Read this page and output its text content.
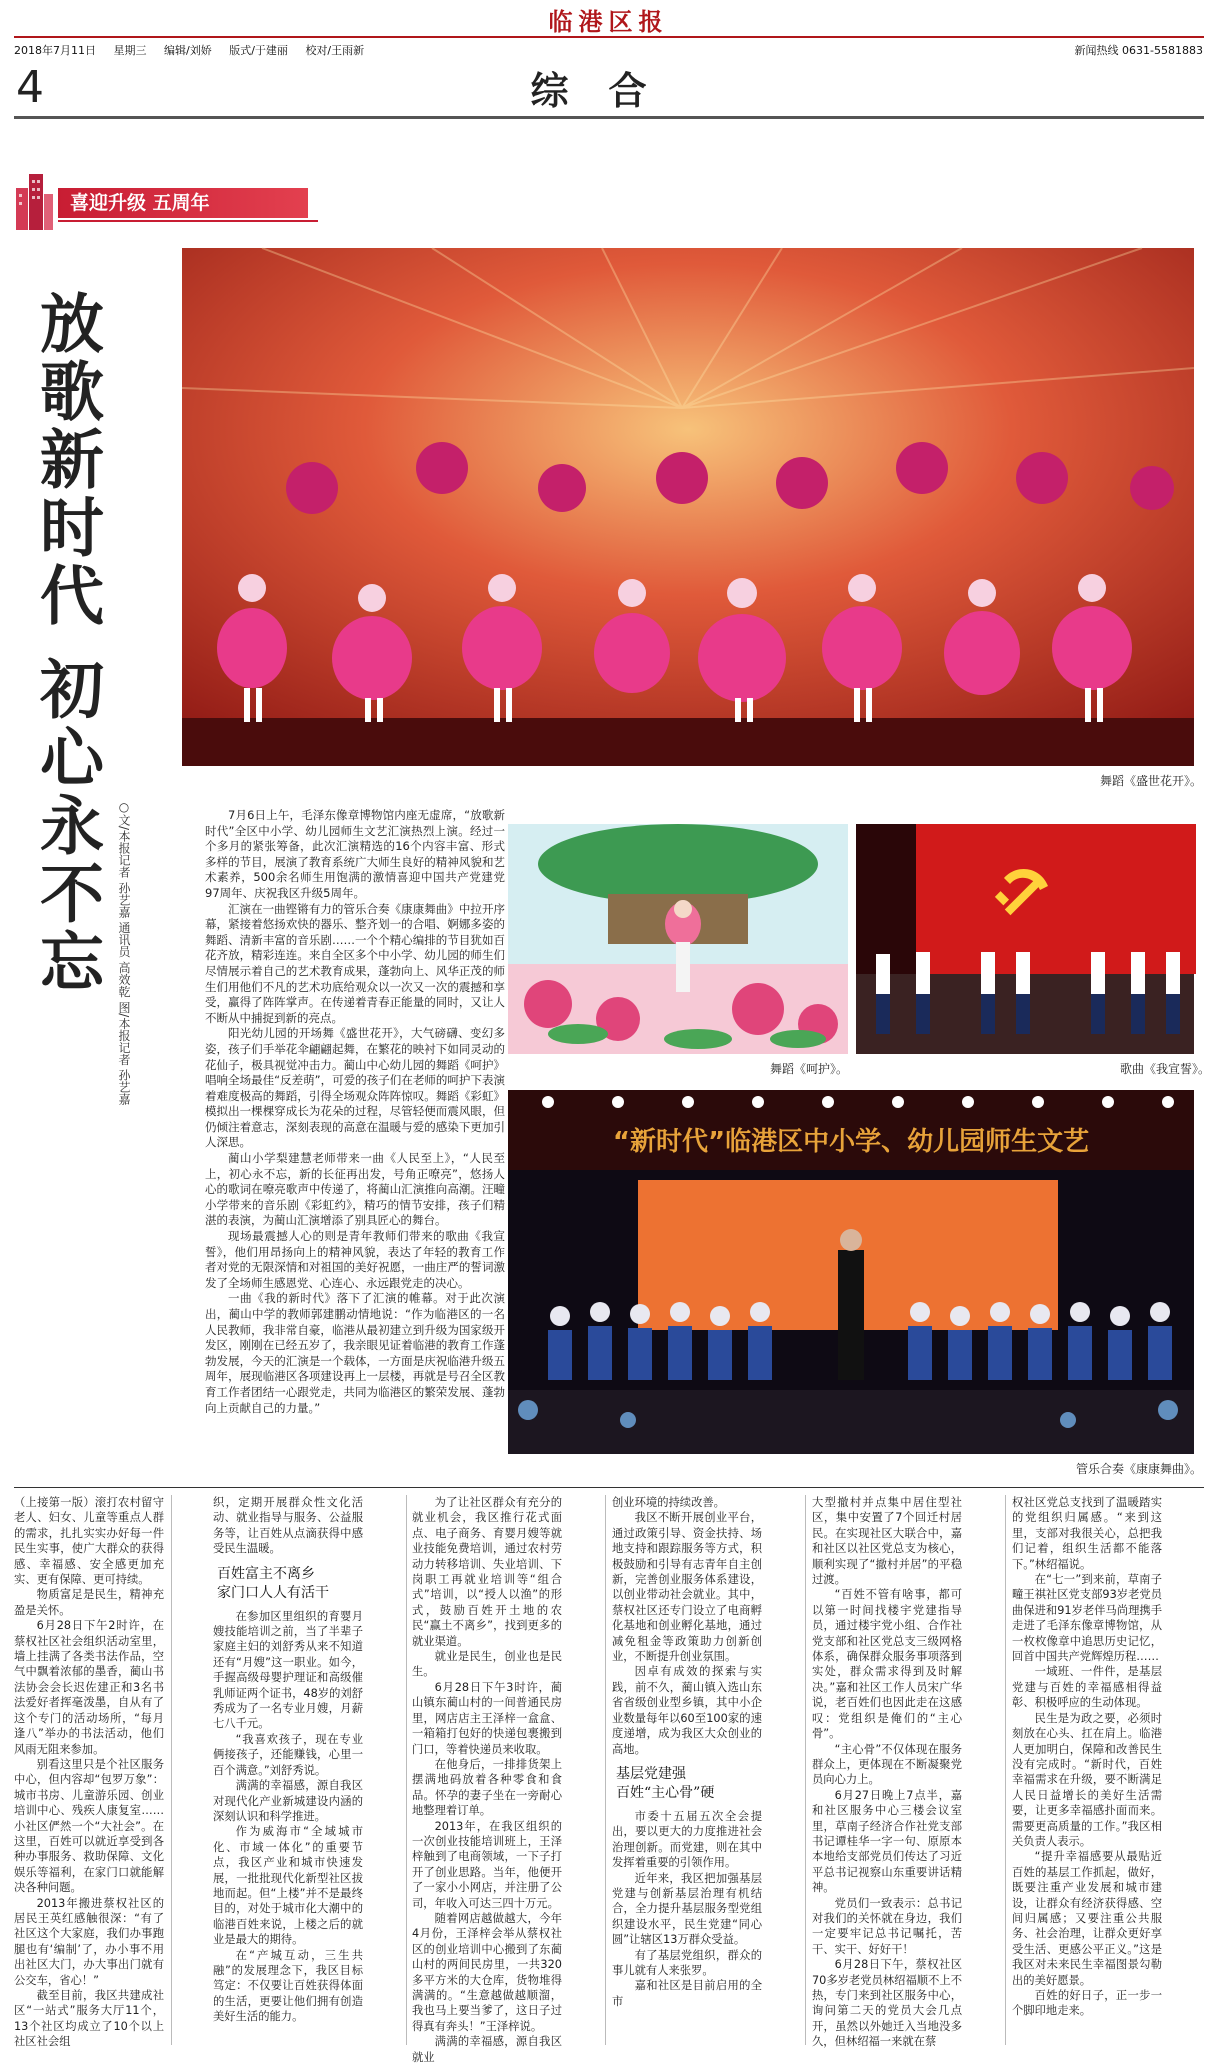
临港区报
2018年7月11日 星期三 编辑/刘娇 版式/于建丽 校对/王雨新	新闻热线 0631-5581883
4	综合
喜迎升级 五周年
放歌新时代 初心永不忘 ○文/本报记者 孙艺嘉 通讯员 高效乾 图/本报记者 孙艺嘉
舞蹈《盛世花开》。
舞蹈《呵护》。	歌曲《我宣誓》。
“新时代”临港区中小学、幼儿园师生文艺
管乐合奏《康康舞曲》。

7月6日上午，毛泽东像章博物馆内座无虚席，“放歌新时代”全区中小学、幼儿园师生文艺汇演热烈上演。经过一个多月的紧张筹备，此次汇演精选的16个内容丰富、形式多样的节目，展演了教育系统广大师生良好的精神风貌和艺术素养，500余名师生用饱满的激情喜迎中国共产党建党97周年、庆祝我区升级5周年。

汇演在一曲铿锵有力的管乐合奏《康康舞曲》中拉开序幕，紧接着悠扬欢快的器乐、整齐划一的合唱、婀娜多姿的舞蹈、清新丰富的音乐剧……一个个精心编排的节目犹如百花齐放，精彩连连。来自全区多个中小学、幼儿园的师生们尽情展示着自己的艺术教育成果，蓬勃向上、风华正茂的师生们用他们不凡的艺术功底给观众以一次又一次的震撼和享受，赢得了阵阵掌声。在传递着青春正能量的同时，又让人不断从中捕捉到新的亮点。

阳光幼儿园的开场舞《盛世花开》，大气磅礴、变幻多姿，孩子们手举花伞翩翩起舞，在繁花的映衬下如同灵动的花仙子，极具视觉冲击力。蔺山中心幼儿园的舞蹈《呵护》唱响全场最佳“反差萌”，可爱的孩子们在老师的呵护下表演着难度极高的舞蹈，引得全场观众阵阵惊叹。舞蹈《彩虹》模拟出一棵棵穿成长为花朵的过程，尽管轻便而震风眼，但仍倾注着意志，深刻表现的高意在温暖与爱的感染下更加引人深思。

蔺山小学梨建慧老师带来一曲《人民至上》，“人民至上，初心永不忘，新的长征再出发，号角正嘹亮”，悠扬人心的歌词在嘹亮歌声中传递了，将蔺山汇演推向高潮。汪疃小学带来的音乐剧《彩虹约》，精巧的情节安排，孩子们精湛的表演，为蔺山汇演增添了别具匠心的舞台。

现场最震撼人心的则是青年教师们带来的歌曲《我宣誓》，他们用昂扬向上的精神风貌，表达了年轻的教育工作者对党的无限深情和对祖国的美好祝愿，一曲庄严的誓词激发了全场师生感恩党、心连心、永远跟党走的决心。

一曲《我的新时代》落下了汇演的帷幕。对于此次演出，蔺山中学的教师郭建鹏动情地说：“作为临港区的一名人民教师，我非常自豪，临港从最初建立到升级为国家级开发区，刚刚在已经五岁了，我亲眼见证着临港的教育工作蓬勃发展，今天的汇演是一个载体，一方面是庆祝临港升级五周年，展现临港区各项建设再上一层楼，再就是号召全区教育工作者团结一心跟党走，共同为临港区的繁荣发展、蓬勃向上贡献自己的力量。”

（上接第一版）滚打农村留守老人、妇女、儿童等重点人群的需求，扎扎实实办好每一件民生实事，使广大群众的获得感、幸福感、安全感更加充实、更有保障、更可持续。

物质富足是民生，精神充盈是关怀。

6月28日下午2时许，在蔡权社区社会组织活动室里，墙上挂满了各类书法作品，空气中飘着浓郁的墨香，蔺山书法协会会长迟佐建正和3名书法爱好者挥毫泼墨，自从有了这个专门的活动场所，“每月逢八”举办的书法活动，他们风雨无阻来参加。

别看这里只是个社区服务中心，但内容却“包罗万象”：城市书房、儿童游乐园、创业培训中心、残疾人康复室……小社区俨然一个“大社会”。在这里，百姓可以就近享受到各种办事服务、救助保障、文化娱乐等福利，在家门口就能解决各种问题。

2013年搬进蔡权社区的居民王英红感触很深：“有了社区这个大家庭，我们办事跑腿也有‘编制’了，办小事不用出社区大门，办大事出门就有公交车，省心！”

截至目前，我区共建成社区“一站式”服务大厅11个，13个社区均成立了10个以上社区社会组

织，定期开展群众性文化活动、就业指导与服务、公益服务等，让百姓从点滴获得中感受民生温暖。

百姓富主不离乡
家门口人人有活干

在参加区里组织的育婴月嫂技能培训之前，当了半辈子家庭主妇的刘舒秀从来不知道还有“月嫂”这一职业。如今，手握高级母婴护理证和高级催乳师证两个证书，48岁的刘舒秀成为了一名专业月嫂，月薪七八千元。

“我喜欢孩子，现在专业俩接孩子，还能赚钱，心里一百个满意。”刘舒秀说。

满满的幸福感，源自我区对现代化产业新城建设内涵的深刻认识和科学推进。

作为威海市“全域城市化、市域一体化”的重要节点，我区产业和城市快速发展，一批批现代化新型社区拔地而起。但“上楼”并不是最终目的，对处于城市化大潮中的临港百姓来说，上楼之后的就业是最大的期待。

在“产城互动，三生共融”的发展理念下，我区目标笃定：不仅要让百姓获得体面的生活，更要让他们拥有创造美好生活的能力。

为了让社区群众有充分的就业机会，我区推行花式面点、电子商务、育婴月嫂等就业技能免费培训，通过农村劳动力转移培训、失业培训、下岗职工再就业培训等“组合式”培训，以“授人以渔”的形式，鼓励百姓开土地的农民“赢土不离乡”，找到更多的就业渠道。

就业是民生，创业也是民生。

6月28日下午3时许，蔺山镇东蔺山村的一间普通民房里，网店店主王泽梓一盒盒、一箱箱打包好的快递包裹搬到门口，等着快递员来收取。

在他身后，一排排货架上摆满地码放着各种零食和食品。怀孕的妻子坐在一旁耐心地整理着订单。

2013年，在我区组织的一次创业技能培训班上，王泽梓触到了电商领域，一下子打开了创业思路。当年，他便开了一家小小网店，并注册了公司，年收入可达三四十万元。

随着网店越做越大，今年4月份，王泽梓会举从蔡权社区的创业培训中心搬到了东蔺山村的两间民房里，一共320多平方米的大仓库，货物堆得满满的。“生意越做越顺溜，我也马上要当爹了，这日子过得真有奔头！”王泽梓说。

满满的幸福感，源自我区就业

创业环境的持续改善。

我区不断开展创业平台，通过政策引导、资金扶持、场地支持和跟踪服务等方式，积极鼓励和引导有志青年自主创新，完善创业服务体系建设，以创业带动社会就业。其中，蔡权社区还专门设立了电商孵化基地和创业孵化基地，通过减免租金等政策助力创新创业，不断提升创业氛围。

因卓有成效的探索与实践，前不久，蔺山镇入选山东省省级创业型乡镇，其中小企业数量每年以60至100家的速度递增，成为我区大众创业的高地。

基层党建强
百姓“主心骨”硬

市委十五届五次全会提出，要以更大的力度推进社会治理创新。而党建，则在其中发挥着重要的引领作用。

近年来，我区把加强基层党建与创新基层治理有机结合，全力提升基层服务型党组织建设水平，民生党建“同心圆”让辖区13万群众受益。

有了基层党组织，群众的事儿就有人来张罗。

嘉和社区是目前启用的全市

大型撤村并点集中居住型社区，集中安置了7个回迁村居民。在实现社区大联合中，嘉和社区以社区党总支为核心，顺利实现了“撤村并居”的平稳过渡。

“百姓不管有啥事，都可以第一时间找楼宇党建指导员，通过楼宇党小组、合作社党支部和社区党总支三级网格体系，确保群众服务事项落到实处，群众需求得到及时解决。”嘉和社区工作人员宋广华说，老百姓们也因此走在这感叹：党组织是俺们的“主心骨”。

“主心骨”不仅体现在服务群众上，更体现在不断凝聚党员向心力上。

6月27日晚上7点半，嘉和社区服务中心三楼会议室里，草南子经济合作社党支部书记谭桂华一字一句、原原本本地给支部党员们传达了习近平总书记视察山东重要讲话精神。

党员们一致表示：总书记对我们的关怀就在身边，我们一定要牢记总书记嘱托，苦干、实干、好好干！

6月28日下午，蔡权社区70多岁老党员林绍福顺不上不热，专门来到社区服务中心，询问第二天的党员大会几点开，虽然以外她迁入当地没多久，但林绍福一来就在蔡

权社区党总支找到了温暖踏实的党组织归属感。“来到这里，支部对我很关心，总把我们记着，组织生活都不能落下。”林绍福说。

在“七一”到来前，草南子疃王祺社区党支部93岁老党员曲保进和91岁老伴马尚理携手走进了毛泽东像章博物馆，从一枚枚像章中追思历史记忆，回首中国共产党辉煌历程……

一域班、一件件，是基层党建与百姓的幸福感相得益彰、积极呼应的生动体现。

民生是为政之要，必须时刻放在心头、扛在肩上。临港人更加明白，保障和改善民生没有完成时。“新时代，百姓幸福需求在升级，要不断满足人民日益增长的美好生活需要，让更多幸福感扑面而来。需要更高质量的工作。”我区相关负责人表示。

“提升幸福感要从最贴近百姓的基层工作抓起，做好，既要注重产业发展和城市建设，让群众有经济获得感、空间归属感；又要注重公共服务、社会治理，让群众更好享受生活、更感公平正义。”这是我区对未来民生幸福图景勾勒出的美好愿景。

百姓的好日子，正一步一个脚印地走来。
